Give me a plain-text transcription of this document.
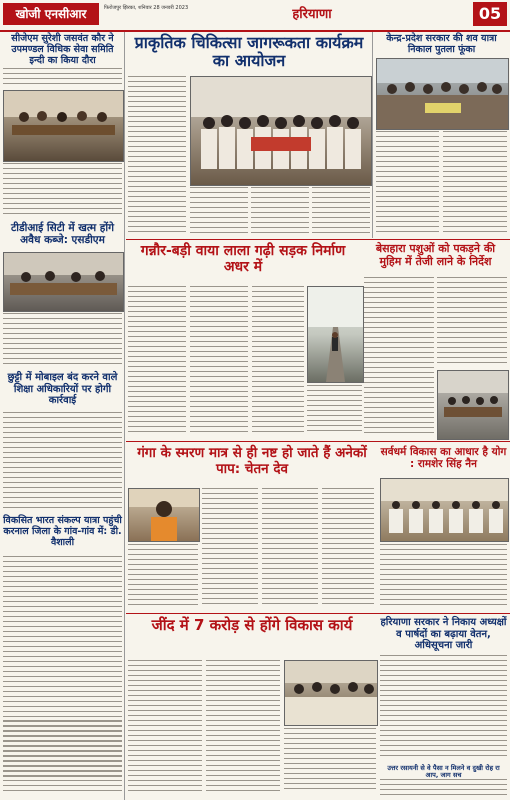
खोजी एनसीआर	फिरोजपुर झिरका, शनिवार 28 जनवरी 2023	हरियाणा	05
सीजेएम सुरेशी जसवंत कौर ने उपमण्डल विधिक सेवा समिति इन्दी का किया दौरा
टीडीआई सिटी में खत्म होंगे अवैध कब्जे: एसडीएम
छुट्टी में मोबाइल बंद करने वाले शिक्षा अधिकारियों पर होगी कार्रवाई
विकसित भारत संकल्प यात्रा पहुंची करनाल जिला के गांव-गांव में: डी. वैशाली
प्राकृतिक चिकित्सा जागरूकता कार्यक्रम का आयोजन
केन्द्र-प्रदेश सरकार की शव यात्रा निकाल पुतला फूंका
गन्नौर-बड़ी वाया लाला गढ़ी सड़क निर्माण अधर में
बेसहारा पशुओं को पकड़ने की मुहिम में तेजी लाने के निर्देश
गंगा के स्मरण मात्र से ही नष्ट हो जाते हैं अनेकों पाप: चेतन देव
सर्वधर्म विकास का आधार है योग : रामशेर सिंह नैन
जींद में 7 करोड़ से होंगे विकास कार्य	हरियाणा सरकार ने निकाय अध्यक्षों व पार्षदों का बढ़ाया वेतन, अधिसूचना जारी
उत्तर रसायनी से वे पैसा न मिलने व दुखी रोह रा आप, जाग सच
